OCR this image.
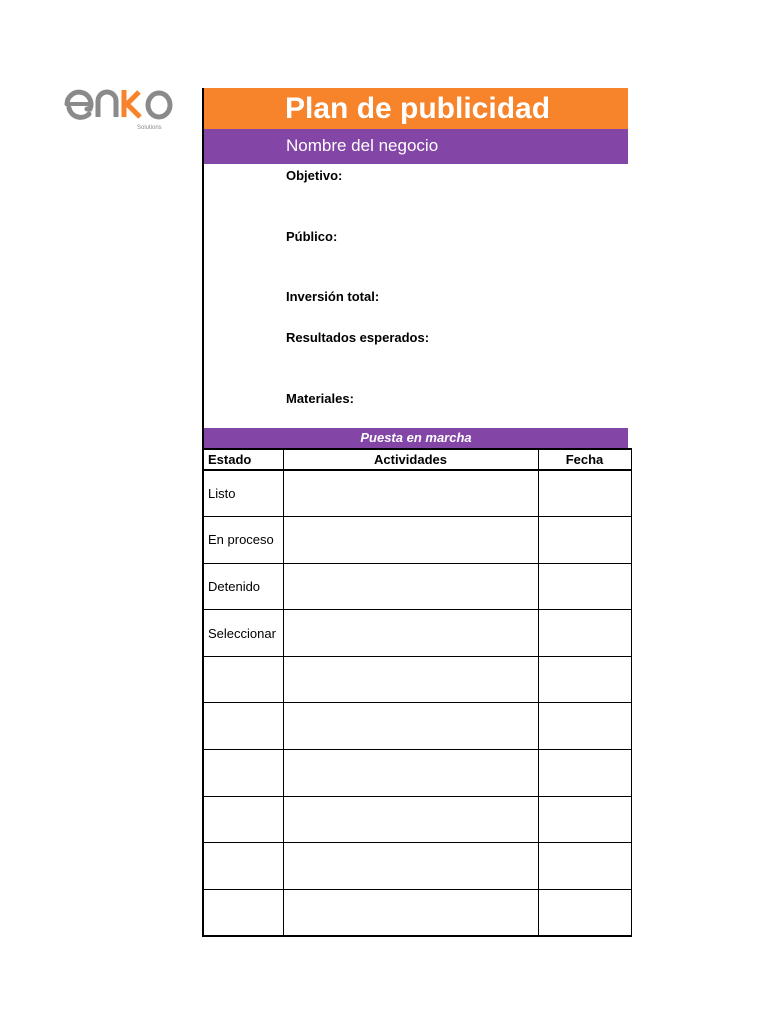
Solutions
Plan de publicidad
Nombre del negocio
Objetivo:
Público:
Inversión total:
Resultados esperados:
Materiales:
Puesta en marcha
Estado	Actividades	Fecha
Listo		
En proceso		
Detenido		
Seleccionar		
